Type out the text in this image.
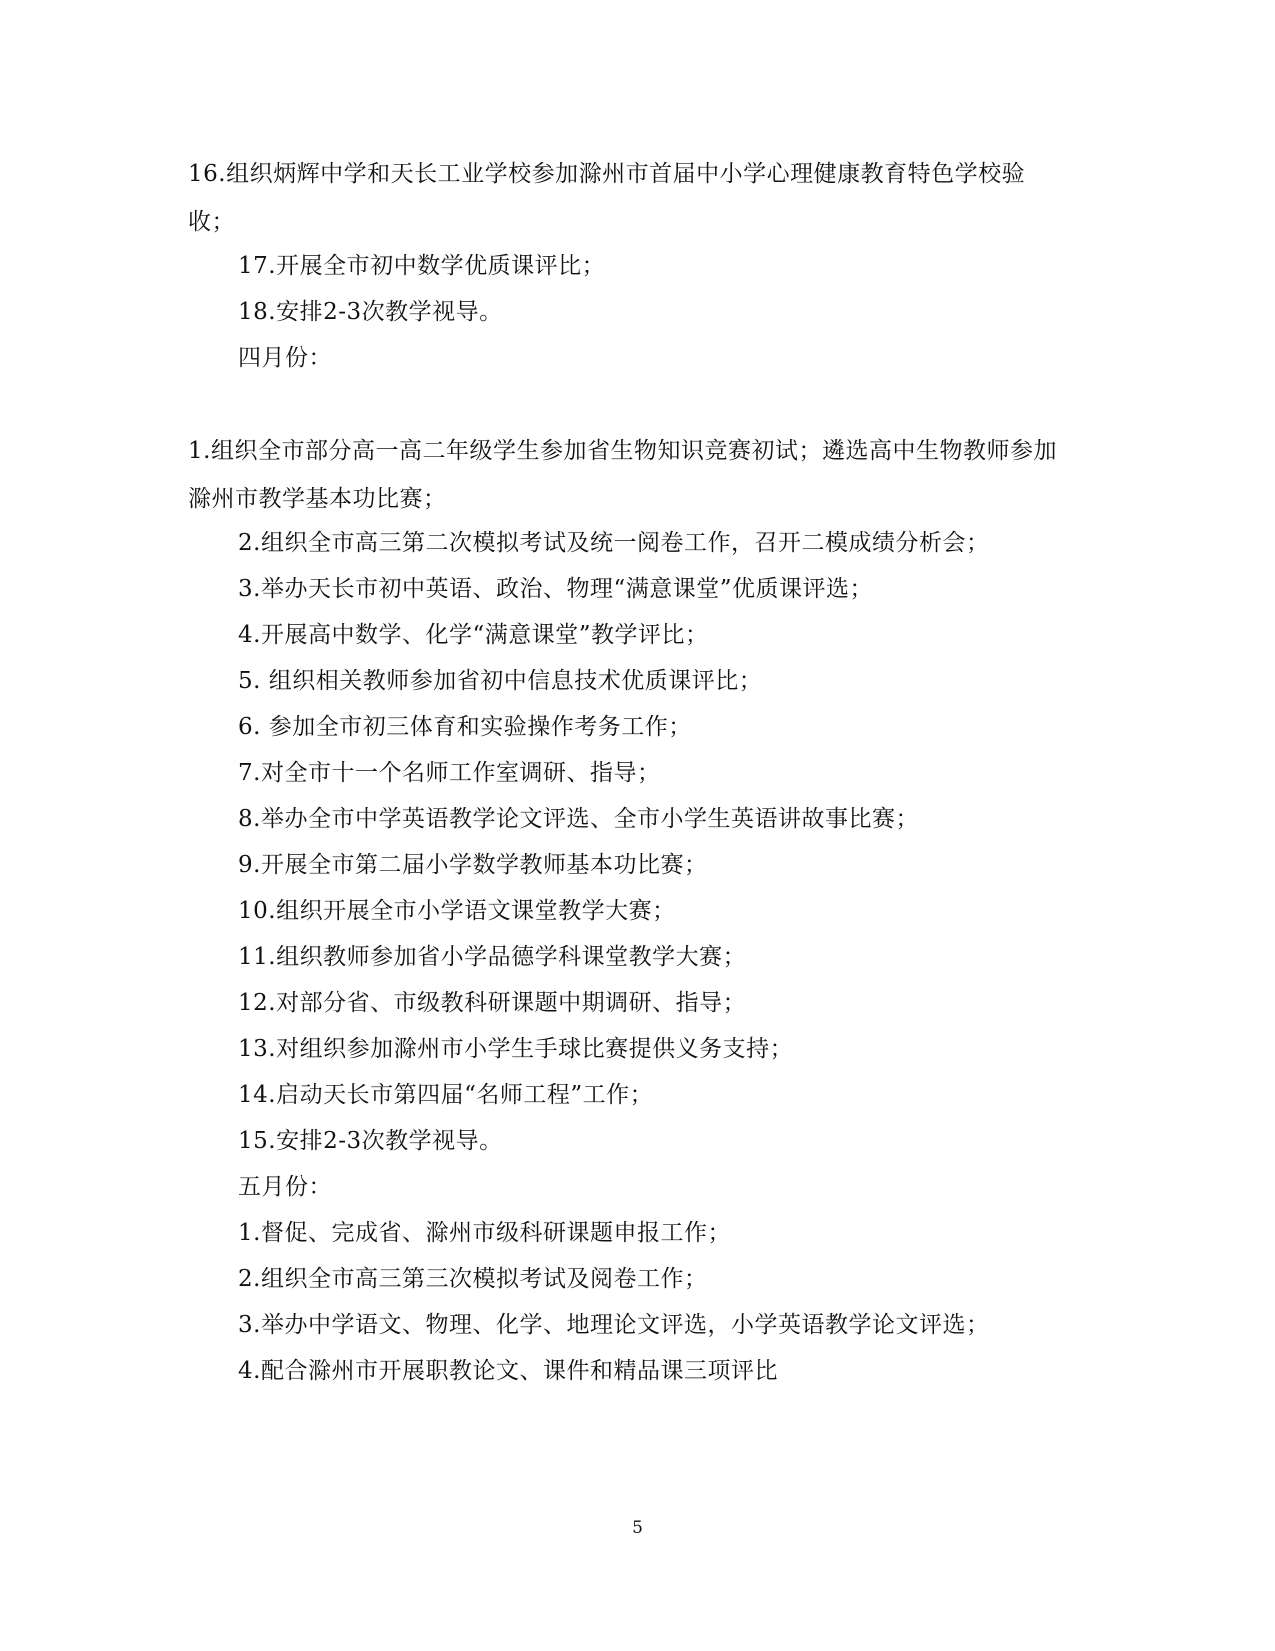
16.组织炳辉中学和天长工业学校参加滁州市首届中小学心理健康教育特色学校验收；
17.开展全市初中数学优质课评比；
18.安排2-3次教学视导。
四月份：
1.组织全市部分高一高二年级学生参加省生物知识竞赛初试；遴选高中生物教师参加滁州市教学基本功比赛；
2.组织全市高三第二次模拟考试及统一阅卷工作，召开二模成绩分析会；
3.举办天长市初中英语、政治、物理“满意课堂”优质课评选；
4.开展高中数学、化学“满意课堂”教学评比；
5. 组织相关教师参加省初中信息技术优质课评比；
6. 参加全市初三体育和实验操作考务工作；
7.对全市十一个名师工作室调研、指导；
8.举办全市中学英语教学论文评选、全市小学生英语讲故事比赛；
9.开展全市第二届小学数学教师基本功比赛；
10.组织开展全市小学语文课堂教学大赛；
11.组织教师参加省小学品德学科课堂教学大赛；
12.对部分省、市级教科研课题中期调研、指导；
13.对组织参加滁州市小学生手球比赛提供义务支持；
14.启动天长市第四届“名师工程”工作；
15.安排2-3次教学视导。
五月份：
1.督促、完成省、滁州市级科研课题申报工作；
2.组织全市高三第三次模拟考试及阅卷工作；
3.举办中学语文、物理、化学、地理论文评选，小学英语教学论文评选；
4.配合滁州市开展职教论文、课件和精品课三项评比
5
